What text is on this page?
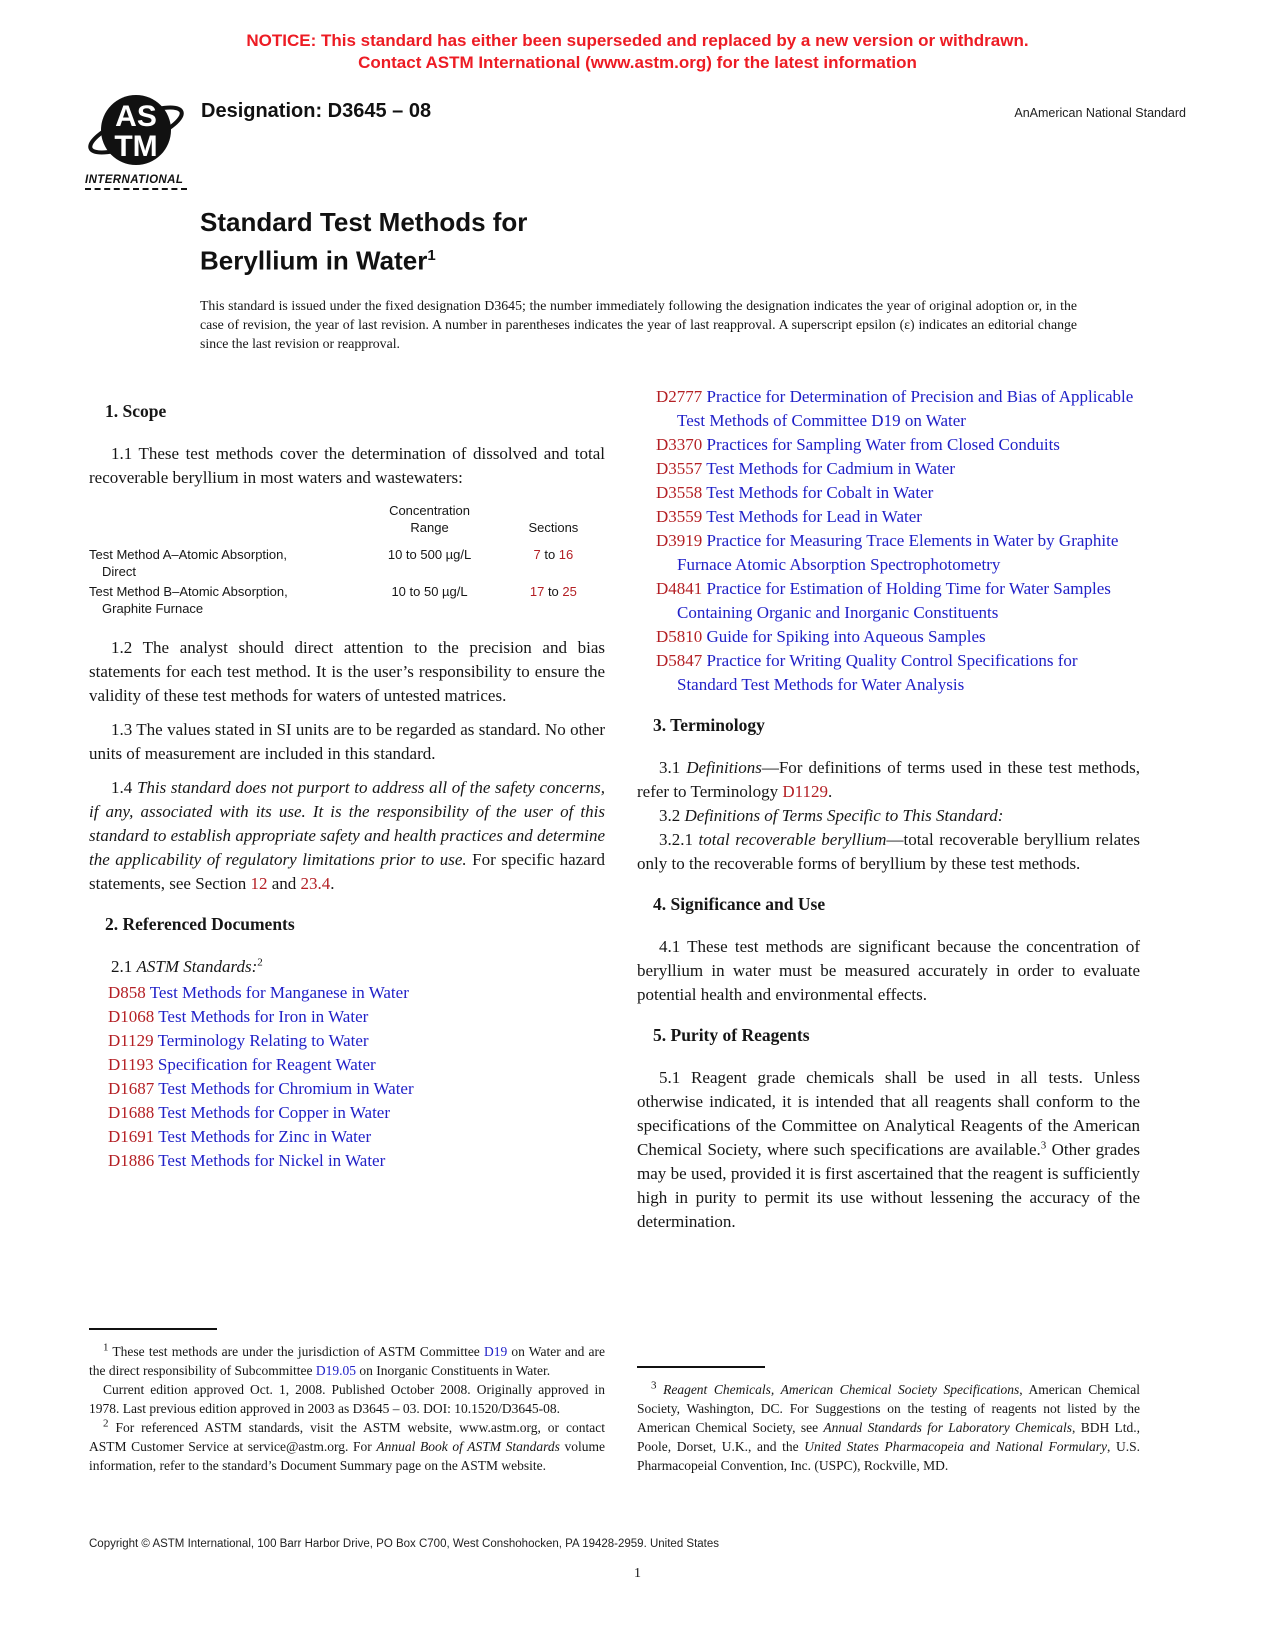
NOTICE: This standard has either been superseded and replaced by a new version or withdrawn.
Contact ASTM International (www.astm.org) for the latest information
AS
TM
INTERNATIONAL
Designation: D3645 – 08	AnAmerican National Standard
Standard Test Methods for
Beryllium in Water$^1$
This standard is issued under the fixed designation D3645; the number immediately following the designation indicates the year of original adoption or, in the case of revision, the year of last revision. A number in parentheses indicates the year of last reapproval. A superscript epsilon (ε) indicates an editorial change since the last revision or reapproval.
1. Scope

1.1 These test methods cover the determination of dissolved and total recoverable beryllium in most waters and wastewaters:

Concentration
Range	Sections
Test Method A–Atomic Absorption,
Direct
10 to 500 µg/L	7 to 16
Test Method B–Atomic Absorption,
Graphite Furnace
10 to 50 µg/L	17 to 25

1.2 The analyst should direct attention to the precision and bias statements for each test method. It is the user’s responsibility to ensure the validity of these test methods for waters of untested matrices.

1.3 The values stated in SI units are to be regarded as standard. No other units of measurement are included in this standard.

1.4 This standard does not purport to address all of the safety concerns, if any, associated with its use. It is the responsibility of the user of this standard to establish appropriate safety and health practices and determine the applicability of regulatory limitations prior to use. For specific hazard statements, see Section 12 and 23.4.

2. Referenced Documents

2.1 ASTM Standards:$^2$

D858 Test Methods for Manganese in Water
D1068 Test Methods for Iron in Water
D1129 Terminology Relating to Water
D1193 Specification for Reagent Water
D1687 Test Methods for Chromium in Water
D1688 Test Methods for Copper in Water
D1691 Test Methods for Zinc in Water
D1886 Test Methods for Nickel in Water

$^1$ These test methods are under the jurisdiction of ASTM Committee D19 on Water and are the direct responsibility of Subcommittee D19.05 on Inorganic Constituents in Water.

Current edition approved Oct. 1, 2008. Published October 2008. Originally approved in 1978. Last previous edition approved in 2003 as D3645 – 03. DOI: 10.1520/D3645-08.

$^2$ For referenced ASTM standards, visit the ASTM website, www.astm.org, or contact ASTM Customer Service at service@astm.org. For Annual Book of ASTM Standards volume information, refer to the standard’s Document Summary page on the ASTM website.

D2777 Practice for Determination of Precision and Bias of Applicable Test Methods of Committee D19 on Water
D3370 Practices for Sampling Water from Closed Conduits
D3557 Test Methods for Cadmium in Water
D3558 Test Methods for Cobalt in Water
D3559 Test Methods for Lead in Water
D3919 Practice for Measuring Trace Elements in Water by Graphite Furnace Atomic Absorption Spectrophotometry
D4841 Practice for Estimation of Holding Time for Water Samples Containing Organic and Inorganic Constituents
D5810 Guide for Spiking into Aqueous Samples
D5847 Practice for Writing Quality Control Specifications for Standard Test Methods for Water Analysis
3. Terminology

3.1 Definitions—For definitions of terms used in these test methods, refer to Terminology D1129.

3.2 Definitions of Terms Specific to This Standard:

3.2.1 total recoverable beryllium—total recoverable beryllium relates only to the recoverable forms of beryllium by these test methods.

4. Significance and Use

4.1 These test methods are significant because the concentration of beryllium in water must be measured accurately in order to evaluate potential health and environmental effects.

5. Purity of Reagents

5.1 Reagent grade chemicals shall be used in all tests. Unless otherwise indicated, it is intended that all reagents shall conform to the specifications of the Committee on Analytical Reagents of the American Chemical Society, where such specifications are available.$^3$ Other grades may be used, provided it is first ascertained that the reagent is sufficiently high in purity to permit its use without lessening the accuracy of the determination.

$^3$ Reagent Chemicals, American Chemical Society Specifications, American Chemical Society, Washington, DC. For Suggestions on the testing of reagents not listed by the American Chemical Society, see Annual Standards for Laboratory Chemicals, BDH Ltd., Poole, Dorset, U.K., and the United States Pharmacopeia and National Formulary, U.S. Pharmacopeial Convention, Inc. (USPC), Rockville, MD.

Copyright © ASTM International, 100 Barr Harbor Drive, PO Box C700, West Conshohocken, PA 19428-2959. United States
1
